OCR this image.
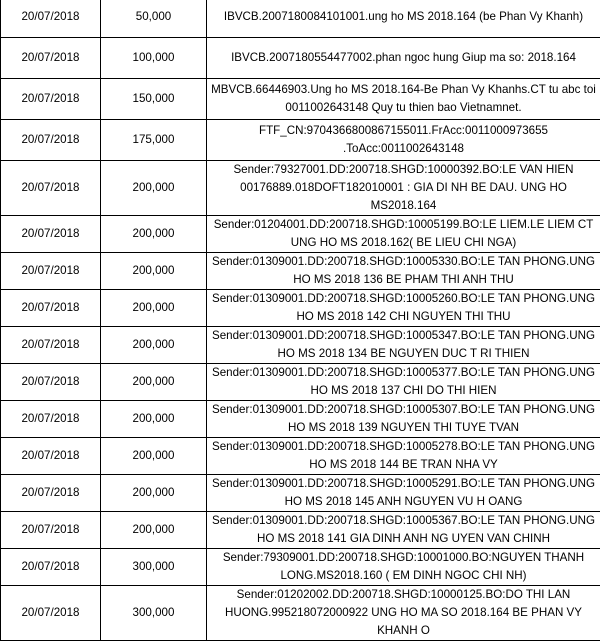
20/07/2018	50,000	IBVCB.2007180084101001.ung ho MS 2018.164 (be Phan Vy Khanh)
20/07/2018	100,000	IBVCB.2007180554477002.phan ngoc hung Giup ma so: 2018.164
20/07/2018	150,000	MBVCB.66446903.Ung ho MS 2018.164-Be Phan Vy Khanhs.CT tu abc toi 0011002643148 Quy tu thien bao Vietnamnet.
20/07/2018	175,000	FTF_CN:9704366800867155011.FrAcc:0011000973655 .ToAcc:0011002643148
20/07/2018	200,000	Sender:79327001.DD:200718.SHGD:10000392.BO:LE VAN HIEN 00176889.018DOFT182010001 : GIA DI NH BE DAU. UNG HO MS2018.164
20/07/2018	200,000	Sender:01204001.DD:200718.SHGD:10005199.BO:LE LIEM.LE LIEM CT UNG HO MS 2018.162( BE LIEU CHI NGA)
20/07/2018	200,000	Sender:01309001.DD:200718.SHGD:10005330.BO:LE TAN PHONG.UNG HO MS 2018 136 BE PHAM THI ANH THU
20/07/2018	200,000	Sender:01309001.DD:200718.SHGD:10005260.BO:LE TAN PHONG.UNG HO MS 2018 142 CHI NGUYEN THI THU
20/07/2018	200,000	Sender:01309001.DD:200718.SHGD:10005347.BO:LE TAN PHONG.UNG HO MS 2018 134 BE NGUYEN DUC T RI THIEN
20/07/2018	200,000	Sender:01309001.DD:200718.SHGD:10005377.BO:LE TAN PHONG.UNG HO MS 2018 137 CHI DO THI HIEN
20/07/2018	200,000	Sender:01309001.DD:200718.SHGD:10005307.BO:LE TAN PHONG.UNG HO MS 2018 139 NGUYEN THI TUYE TVAN
20/07/2018	200,000	Sender:01309001.DD:200718.SHGD:10005278.BO:LE TAN PHONG.UNG HO MS 2018 144 BE TRAN NHA VY
20/07/2018	200,000	Sender:01309001.DD:200718.SHGD:10005291.BO:LE TAN PHONG.UNG HO MS 2018 145 ANH NGUYEN VU H OANG
20/07/2018	200,000	Sender:01309001.DD:200718.SHGD:10005367.BO:LE TAN PHONG.UNG HO MS 2018 141 GIA DINH ANH NG UYEN VAN CHINH
20/07/2018	300,000	Sender:79309001.DD:200718.SHGD:10001000.BO:NGUYEN THANH LONG.MS2018.160 ( EM DINH NGOC CHI NH)
20/07/2018	300,000	Sender:01202002.DD:200718.SHGD:10000125.BO:DO THI LAN HUONG.995218072000922 UNG HO MA SO 2018.164 BE PHAN VY KHANH O
